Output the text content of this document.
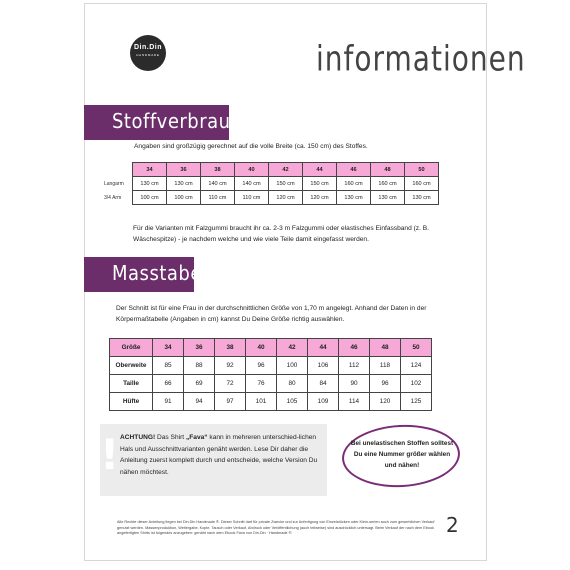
Din.Din
HANDMADE	informationen
Stoffverbrauch
Angaben sind großzügig gerechnet auf die volle Breite (ca. 150 cm) des Stoffes.
	34	36	38	40	42	44	46	48	50
Langarm	130 cm	130 cm	140 cm	140 cm	150 cm	150 cm	160 cm	160 cm	160 cm
3/4 Arm	100 cm	100 cm	110 cm	110 cm	120 cm	120 cm	130 cm	130 cm	130 cm
Für die Varianten mit Falzgummi braucht ihr ca. 2-3 m Falzgummi oder elastisches Einfassband (z. B. Wäschespitze) - je nachdem welche und wie viele Teile damit eingefasst werden.
Masstabelle
Der Schnitt ist für eine Frau in der durchschnittlichen Größe von 1,70 m angelegt. Anhand der Daten in der Körpermaßtabelle (Angaben in cm) kannst Du Deine Größe richtig auswählen.
Größe	34	36	38	40	42	44	46	48	50
Oberweite	85	88	92	96	100	106	112	118	124
Taille	66	69	72	76	80	84	90	96	102
Hüfte	91	94	97	101	105	109	114	120	125
! ACHTUNG! Das Shirt „Fava“ kann in mehreren unterschied-lichen Hals und Ausschnittvarianten genäht werden. Lese Dir daher die Anleitung zuerst komplett durch und entscheide, welche Version Du nähen möchtest.
Bei unelastischen Stoffen solltest Du eine Nummer größer wählen und nähen!
Alle Rechte dieser Anleitung liegen bei Din.Din Handmade ®. Dieser Schnitt darf für private Zwecke und zur Anfertigung von Einzelstücken oder Klein-serien auch zum gewerblichen Verkauf genutzt werden. Massenproduktion, Weitergabe, Kopie, Tausch oder Verkauf, Abdruck oder Veröffentlichung (auch teilweise) sind ausdrücklich untersagt. Beim Verkauf der nach dem Ebook angefertigten Shirts ist folgendes anzugeben: genäht nach dem Ebook Fava von Din.Din · Handmade ®.	2
